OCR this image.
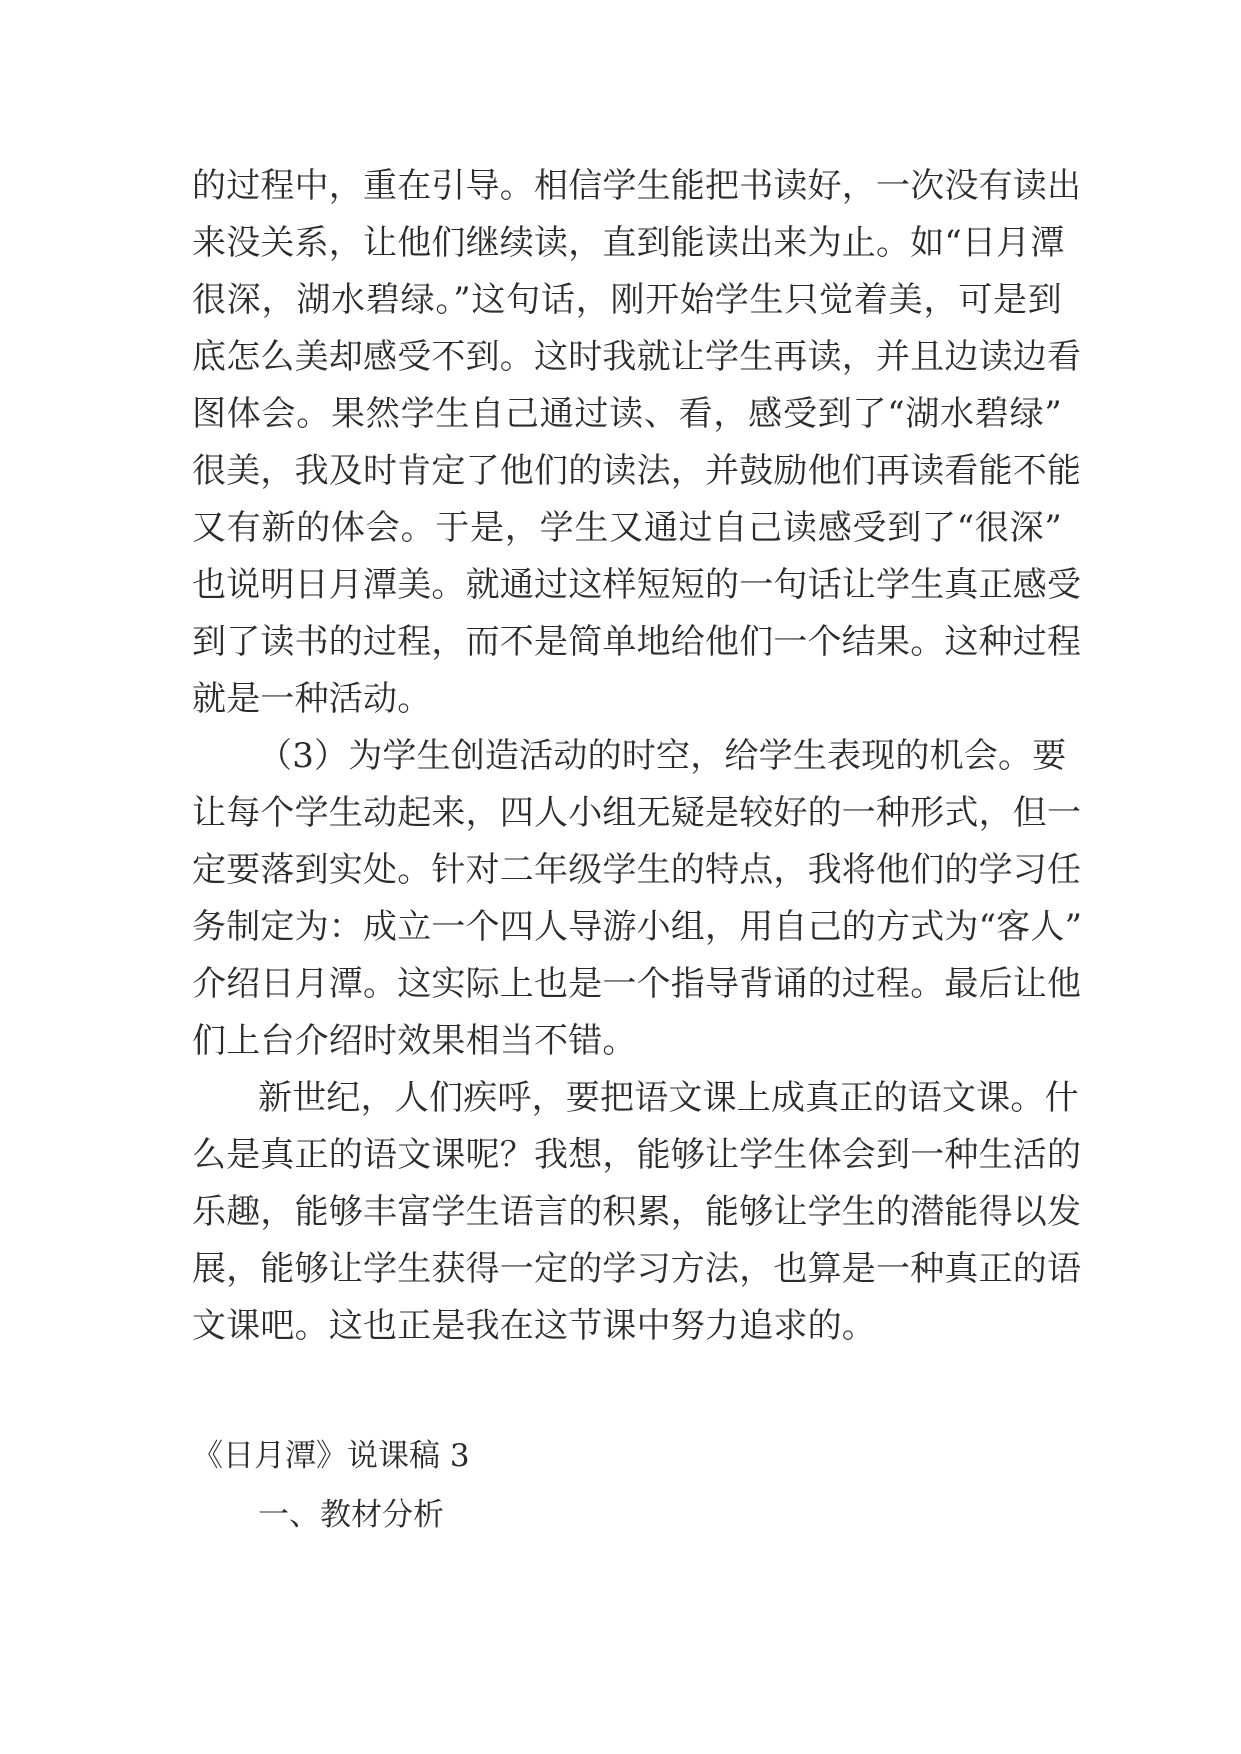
的过程中，重在引导。相信学生能把书读好，一次没有读出

来没关系，让他们继续读，直到能读出来为止。如“日月潭

很深，湖水碧绿。”这句话，刚开始学生只觉着美，可是到

底怎么美却感受不到。这时我就让学生再读，并且边读边看

图体会。果然学生自己通过读、看，感受到了“湖水碧绿”

很美，我及时肯定了他们的读法，并鼓励他们再读看能不能

又有新的体会。于是，学生又通过自己读感受到了“很深”

也说明日月潭美。就通过这样短短的一句话让学生真正感受

到了读书的过程，而不是简单地给他们一个结果。这种过程

就是一种活动。

（3）为学生创造活动的时空，给学生表现的机会。要

让每个学生动起来，四人小组无疑是较好的一种形式，但一

定要落到实处。针对二年级学生的特点，我将他们的学习任

务制定为：成立一个四人导游小组，用自己的方式为“客人”

介绍日月潭。这实际上也是一个指导背诵的过程。最后让他

们上台介绍时效果相当不错。

新世纪，人们疾呼，要把语文课上成真正的语文课。什

么是真正的语文课呢？我想，能够让学生体会到一种生活的

乐趣，能够丰富学生语言的积累，能够让学生的潜能得以发

展，能够让学生获得一定的学习方法，也算是一种真正的语

文课吧。这也正是我在这节课中努力追求的。

《日月潭》说课稿 3
一、教材分析
